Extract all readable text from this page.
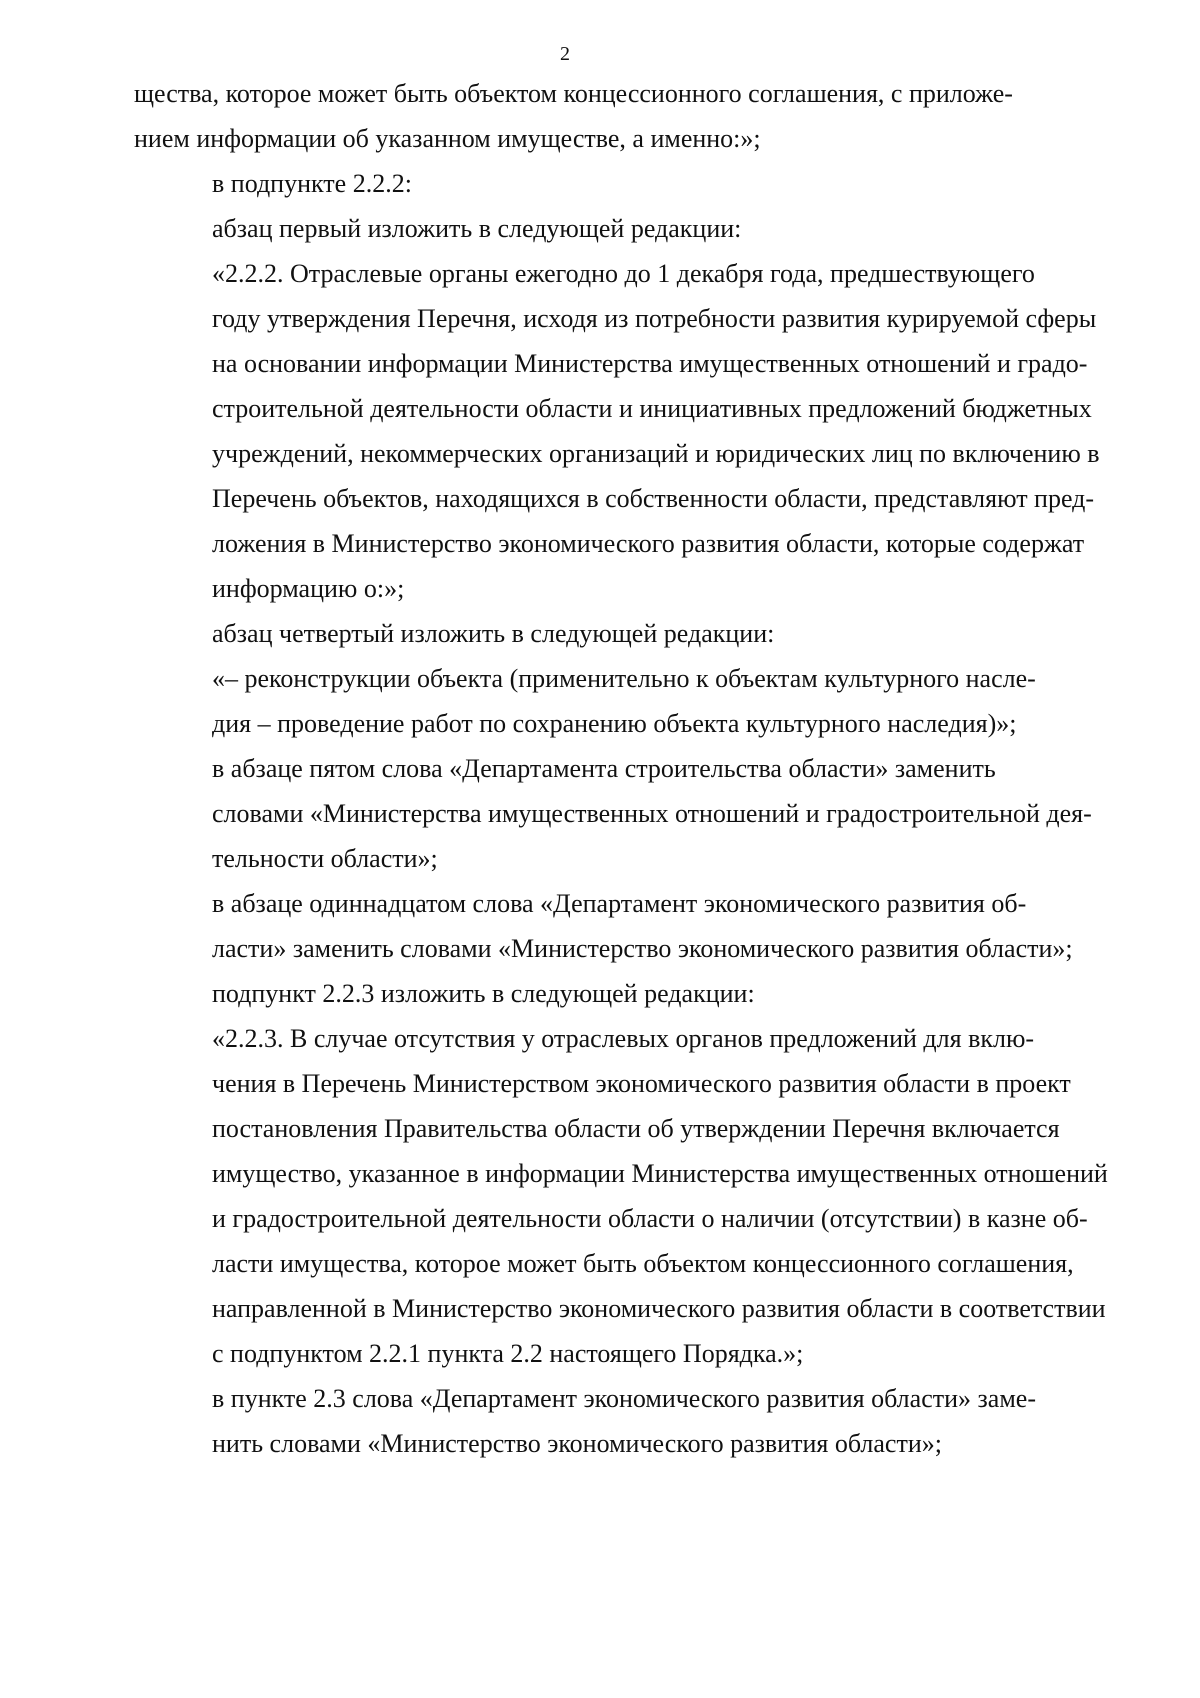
2

щества, которое может быть объектом концессионного соглашения, с приложе-
нием информации об указанном имуществе, а именно:»;

в подпункте 2.2.2:

абзац первый изложить в следующей редакции:

«2.2.2. Отраслевые органы ежегодно до 1 декабря года, предшествующего
году утверждения Перечня, исходя из потребности развития курируемой сферы
на основании информации Министерства имущественных отношений и градо-
строительной деятельности области и инициативных предложений бюджетных
учреждений, некоммерческих организаций и юридических лиц по включению в
Перечень объектов, находящихся в собственности области, представляют пред-
ложения в Министерство экономического развития области, которые содержат
информацию о:»;

абзац четвертый изложить в следующей редакции:

«– реконструкции объекта (применительно к объектам культурного насле-
дия – проведение работ по сохранению объекта культурного наследия)»;

в абзаце пятом слова «Департамента строительства области» заменить
словами «Министерства имущественных отношений и градостроительной дея-
тельности области»;

в абзаце одиннадцатом слова «Департамент экономического развития об-
ласти» заменить словами «Министерство экономического развития области»;

подпункт 2.2.3 изложить в следующей редакции:

«2.2.3. В случае отсутствия у отраслевых органов предложений для вклю-
чения в Перечень Министерством экономического развития области в проект
постановления Правительства области об утверждении Перечня включается
имущество, указанное в информации Министерства имущественных отношений
и градостроительной деятельности области о наличии (отсутствии) в казне об-
ласти имущества, которое может быть объектом концессионного соглашения,
направленной в Министерство экономического развития области в соответствии
с подпунктом 2.2.1 пункта 2.2 настоящего Порядка.»;

в пункте 2.3 слова «Департамент экономического развития области» заме-
нить словами «Министерство экономического развития области»;
